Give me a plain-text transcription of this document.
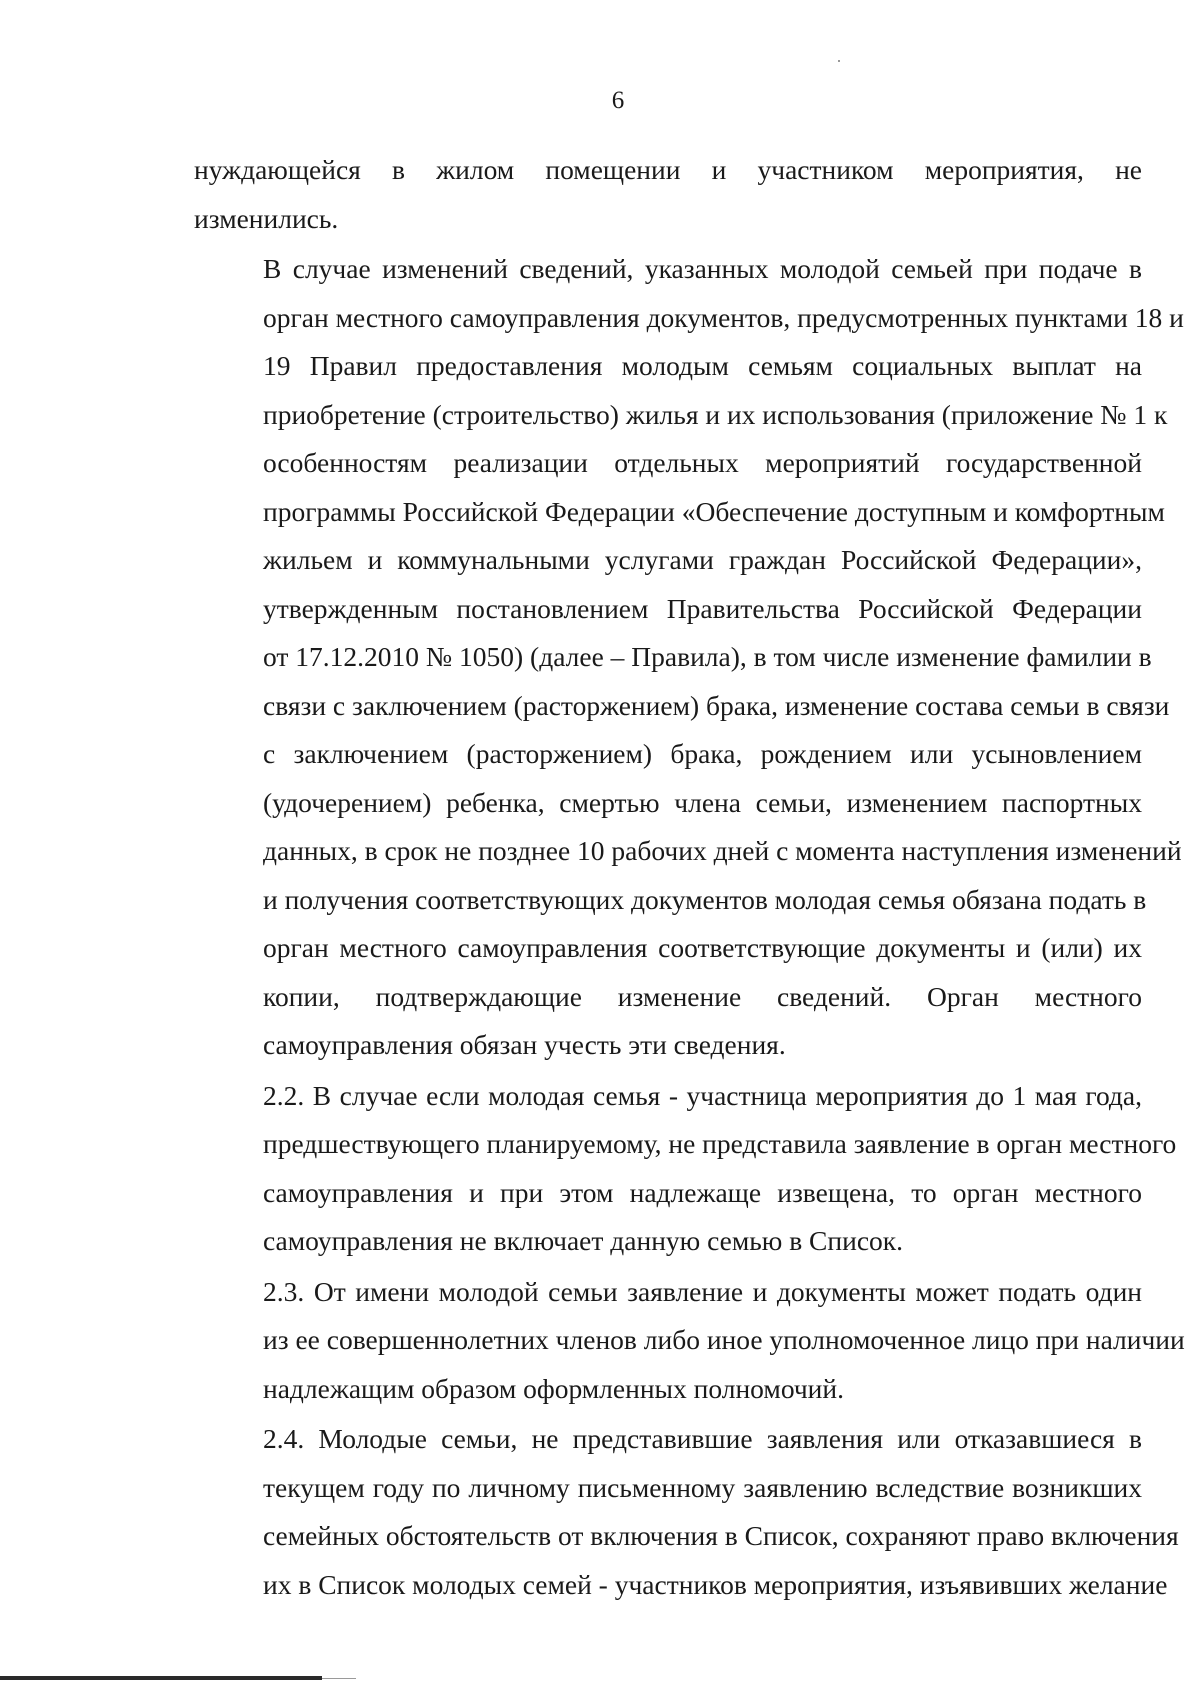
6

нуждающейся в жилом помещении и участником мероприятия, не
изменились.

В случае изменений сведений, указанных молодой семьей при подаче в
орган местного самоуправления документов, предусмотренных пунктами 18 и
19 Правил предоставления молодым семьям социальных выплат на
приобретение (строительство) жилья и их использования (приложение № 1 к
особенностям реализации отдельных мероприятий государственной
программы Российской Федерации «Обеспечение доступным и комфортным
жильем и коммунальными услугами граждан Российской Федерации»,
утвержденным постановлением Правительства Российской Федерации
от 17.12.2010 № 1050) (далее – Правила), в том числе изменение фамилии в
связи с заключением (расторжением) брака, изменение состава семьи в связи
с заключением (расторжением) брака, рождением или усыновлением
(удочерением) ребенка, смертью члена семьи, изменением паспортных
данных, в срок не позднее 10 рабочих дней с момента наступления изменений
и получения соответствующих документов молодая семья обязана подать в
орган местного самоуправления соответствующие документы и (или) их
копии, подтверждающие изменение сведений. Орган местного
самоуправления обязан учесть эти сведения.

2.2. В случае если молодая семья - участница мероприятия до 1 мая года,
предшествующего планируемому, не представила заявление в орган местного
самоуправления и при этом надлежаще извещена, то орган местного
самоуправления не включает данную семью в Список.

2.3. От имени молодой семьи заявление и документы может подать один
из ее совершеннолетних членов либо иное уполномоченное лицо при наличии
надлежащим образом оформленных полномочий.

2.4. Молодые семьи, не представившие заявления или отказавшиеся в
текущем году по личному письменному заявлению вследствие возникших
семейных обстоятельств от включения в Список, сохраняют право включения
их в Список молодых семей - участников мероприятия, изъявивших желание
